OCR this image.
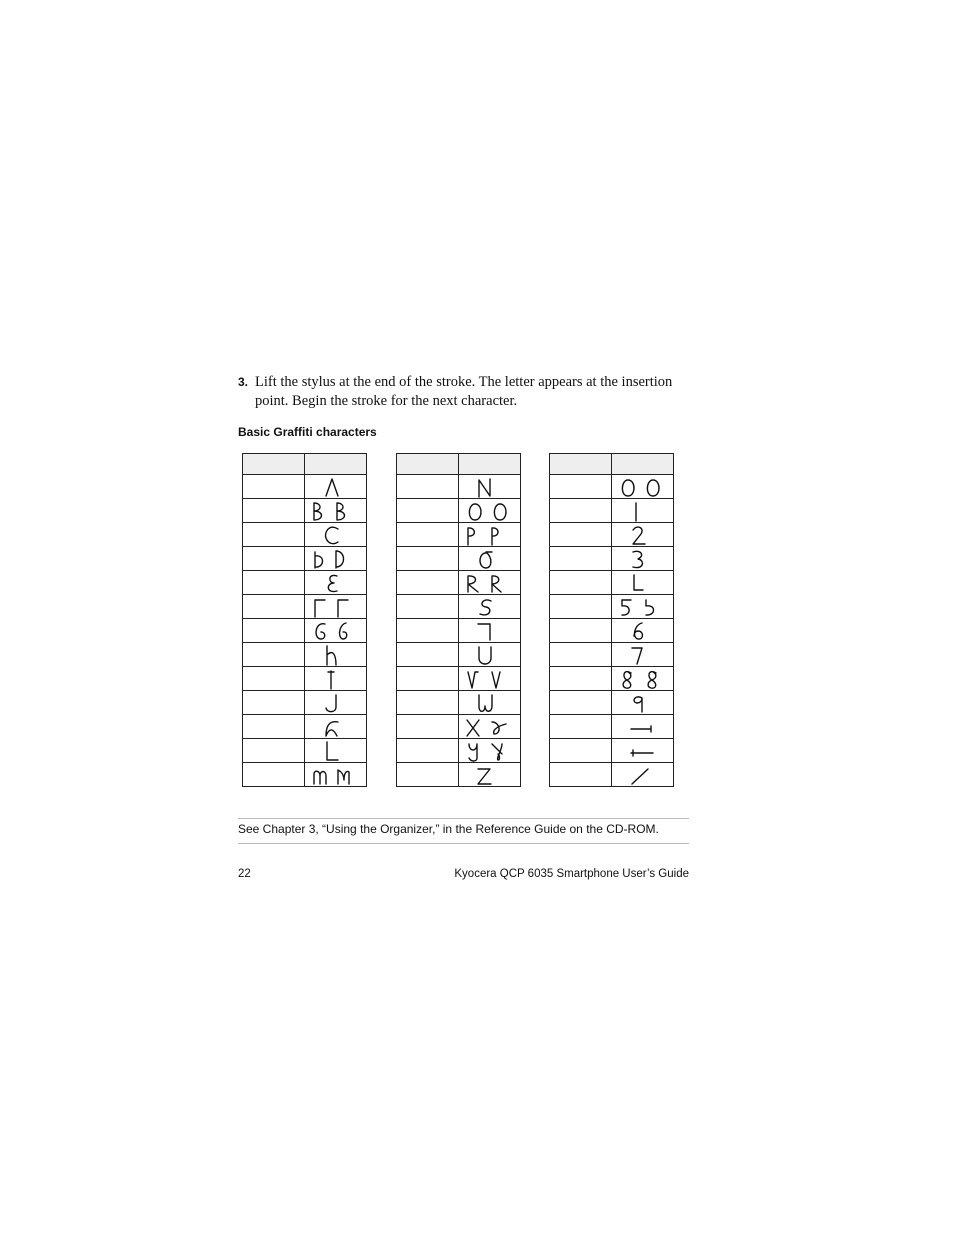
3. Lift the stylus at the end of the stroke. The letter appears at the insertion point. Begin the stroke for the next character.
Basic Graffiti characters

See Chapter 3, “Using the Organizer,” in the Reference Guide on the CD-ROM.
22	Kyocera QCP 6035 Smartphone User’s Guide
